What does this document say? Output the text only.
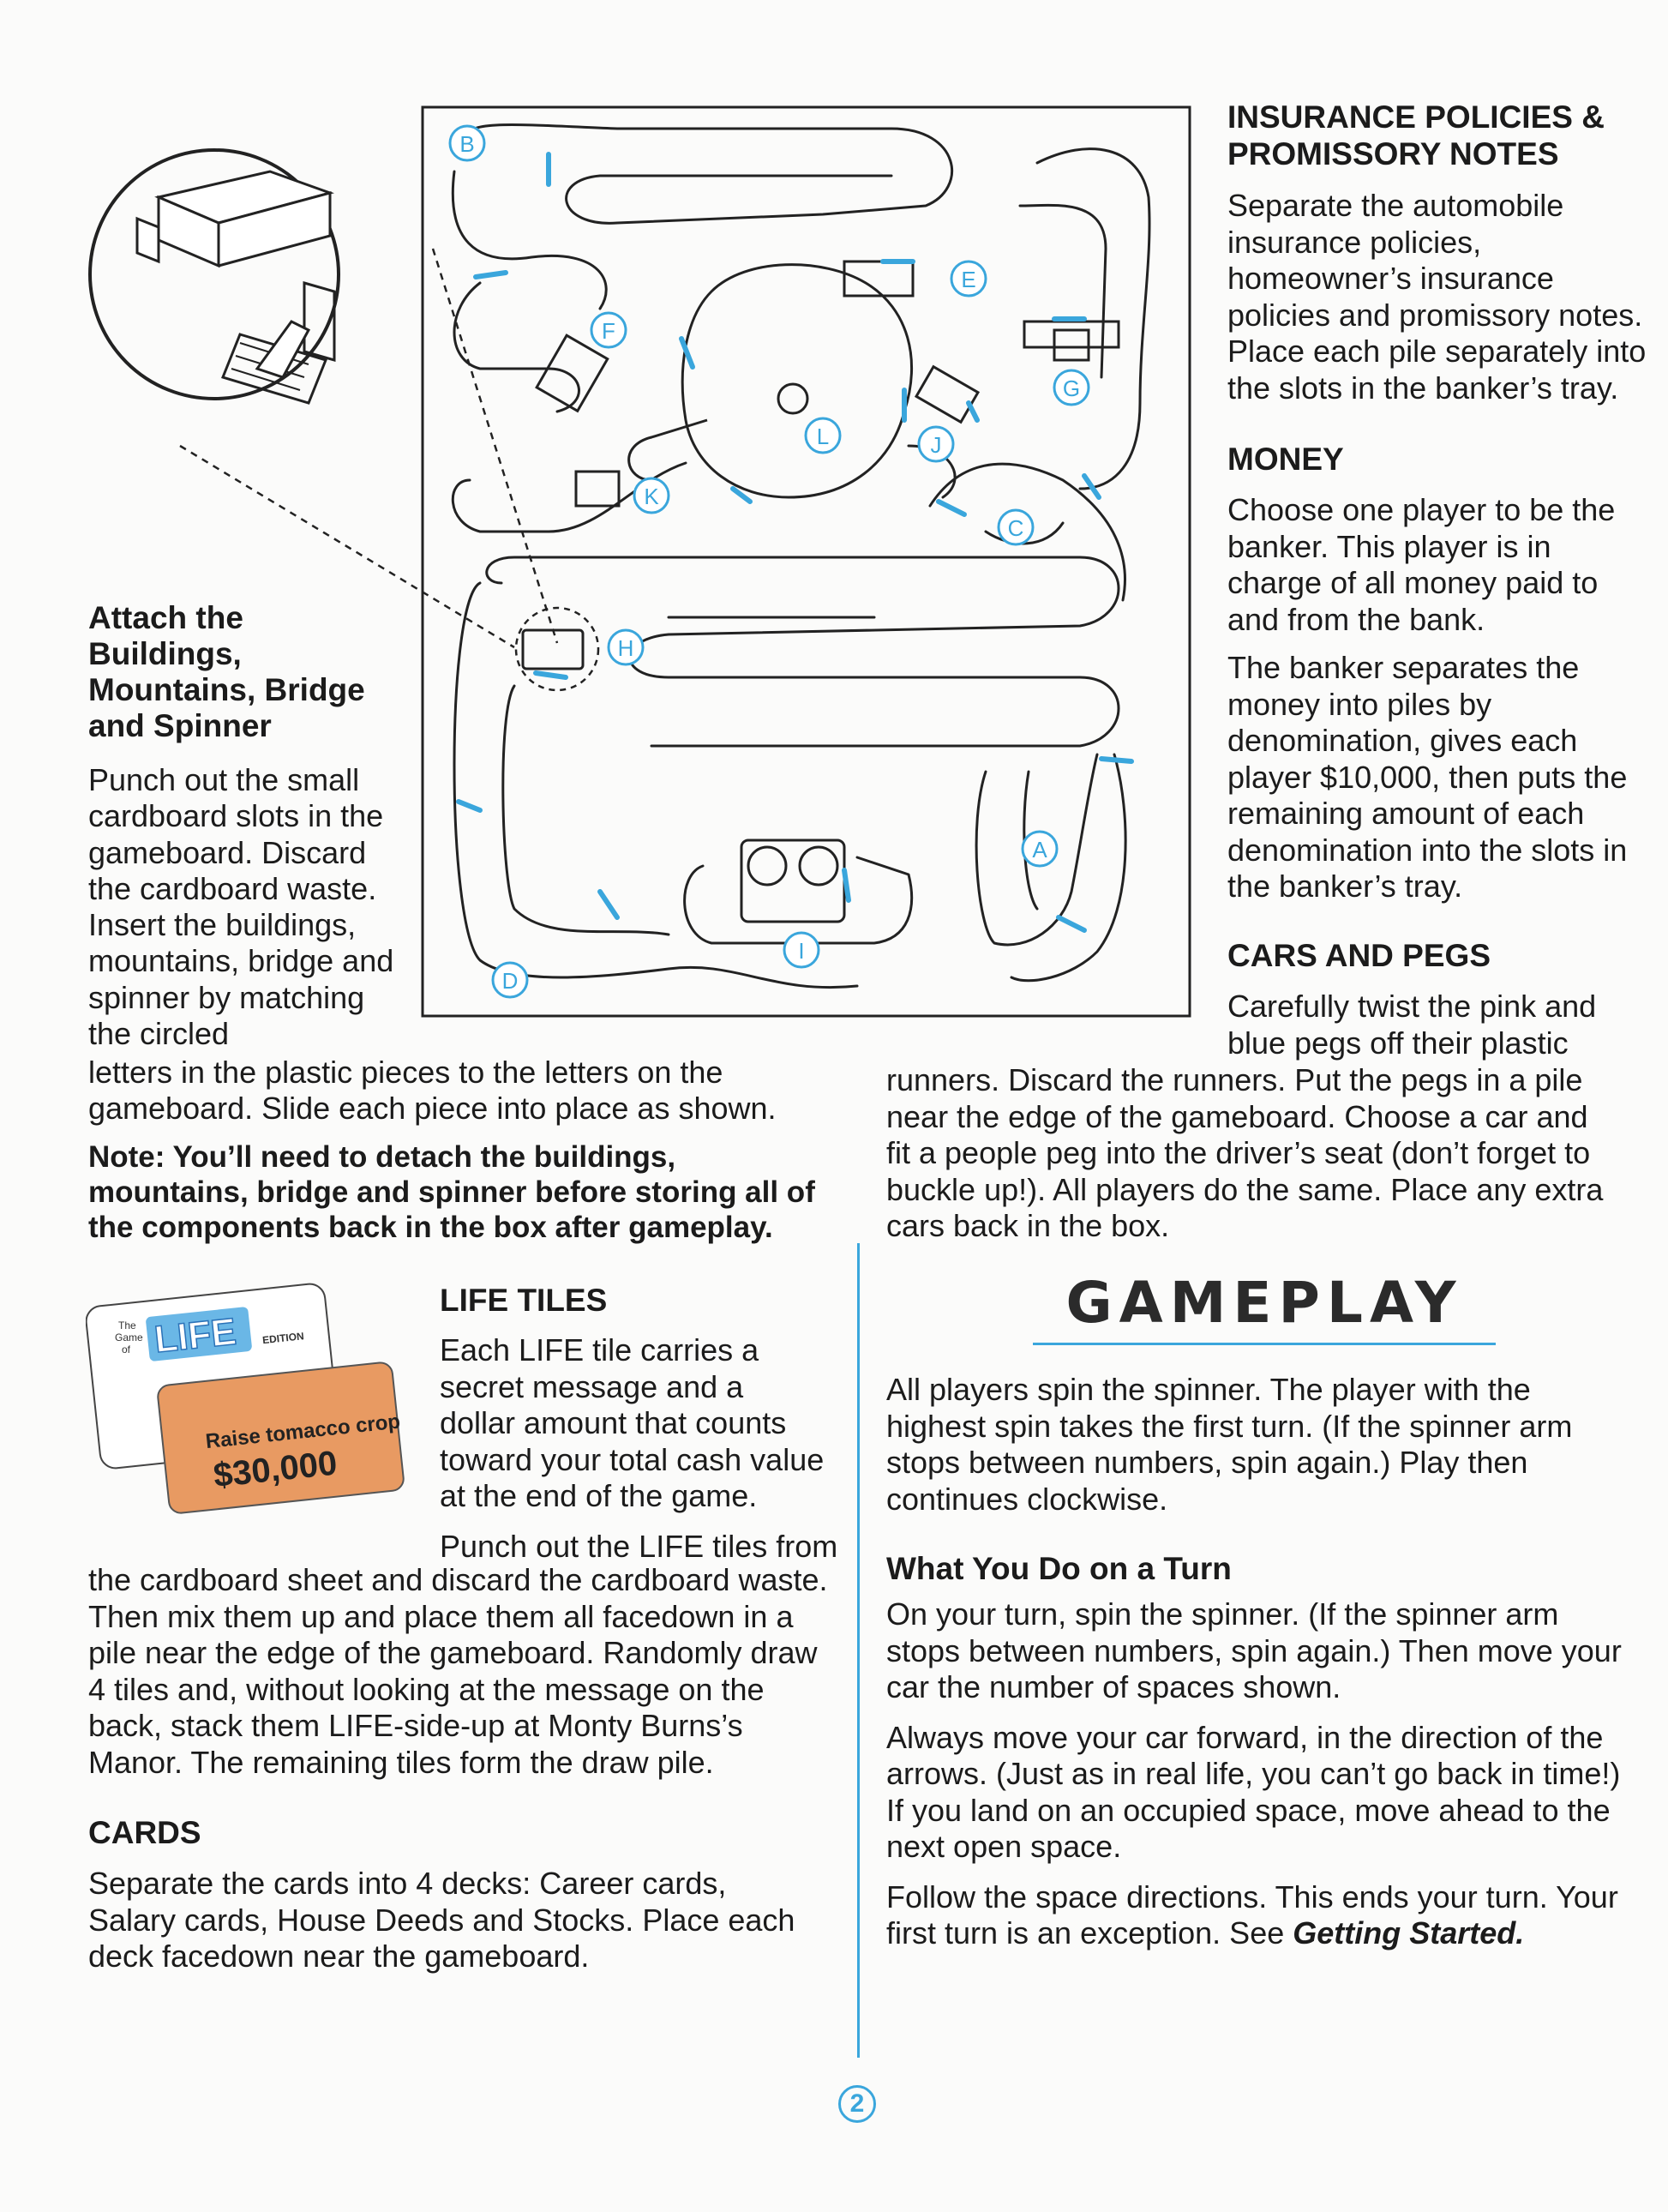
B
E
F
G
L	J
K
C
H
A
I
D

Attach the Buildings, Mountains, Bridge and Spinner

Punch out the small cardboard slots in the gameboard. Discard the cardboard waste. Insert the buildings, mountains, bridge and spinner by matching the circled

letters in the plastic pieces to the letters on the gameboard. Slide each piece into place as shown.

Note: You’ll need to detach the buildings, mountains, bridge and spinner before storing all of the components back in the box after gameplay.

INSURANCE POLICIES & PROMISSORY NOTES

Separate the automobile insurance policies, homeowner’s insurance policies and promissory notes. Place each pile separately into the slots in the banker’s tray.

MONEY

Choose one player to be the banker. This player is in charge of all money paid to and from the bank.

The banker separates the money into piles by denomination, gives each player $10,000, then puts the remaining amount of each denomination into the slots in the banker’s tray.

CARS AND PEGS

Carefully twist the pink and blue pegs off their plastic

runners. Discard the runners. Put the pegs in a pile near the edge of the gameboard. Choose a car and fit a people peg into the driver’s seat (don’t forget to buckle up!). All players do the same. Place any extra cars back in the box.

2
The
Game
of LIFE EDITION
Raise tomacco crop
$30,000

LIFE TILES

Each LIFE tile carries a secret message and a dollar amount that counts toward your total cash value at the end of the game.

Punch out the LIFE tiles from

the cardboard sheet and discard the cardboard waste. Then mix them up and place them all facedown in a pile near the edge of the gameboard. Randomly draw 4 tiles and, without looking at the message on the back, stack them LIFE-side-up at Monty Burns’s Manor. The remaining tiles form the draw pile.

CARDS

Separate the cards into 4 decks: Career cards, Salary cards, House Deeds and Stocks. Place each deck facedown near the gameboard.

GAMEPLAY

All players spin the spinner. The player with the highest spin takes the first turn. (If the spinner arm stops between numbers, spin again.) Play then continues clockwise.

What You Do on a Turn

On your turn, spin the spinner. (If the spinner arm stops between numbers, spin again.) Then move your car the number of spaces shown.

Always move your car forward, in the direction of the arrows. (Just as in real life, you can’t go back in time!) If you land on an occupied space, move ahead to the next open space.

Follow the space directions. This ends your turn. Your first turn is an exception. See Getting Started.
